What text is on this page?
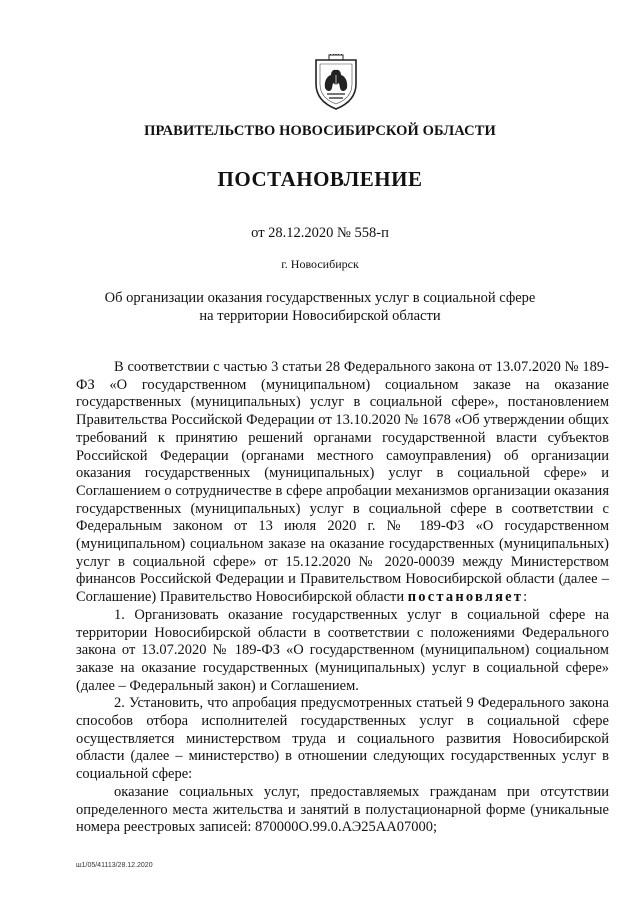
ПРАВИТЕЛЬСТВО НОВОСИБИРСКОЙ ОБЛАСТИ
ПОСТАНОВЛЕНИЕ
от 28.12.2020 № 558-п
г. Новосибирск
Об организации оказания государственных услуг в социальной сфере
на территории Новосибирской области

В соответствии с частью 3 статьи 28 Федерального закона от 13.07.2020 № 189-ФЗ «О государственном (муниципальном) социальном заказе на оказание государственных (муниципальных) услуг в социальной сфере», постановлением Правительства Российской Федерации от 13.10.2020 № 1678 «Об утверждении общих требований к принятию решений органами государственной власти субъектов Российской Федерации (органами местного самоуправления) об организации оказания государственных (муниципальных) услуг в социальной сфере» и Соглашением о сотрудничестве в сфере апробации механизмов организации оказания государственных (муниципальных) услуг в социальной сфере в соответствии с Федеральным законом от 13 июля 2020 г. № 189-ФЗ «О государственном (муниципальном) социальном заказе на оказание государственных (муниципальных) услуг в социальной сфере» от 15.12.2020 № 2020-00039 между Министерством финансов Российской Федерации и Правительством Новосибирской области (далее – Соглашение) Правительство Новосибирской области постановляет:

1. Организовать оказание государственных услуг в социальной сфере на территории Новосибирской области в соответствии с положениями Федерального закона от 13.07.2020 № 189-ФЗ «О государственном (муниципальном) социальном заказе на оказание государственных (муниципальных) услуг в социальной сфере» (далее – Федеральный закон) и Соглашением.

2. Установить, что апробация предусмотренных статьей 9 Федерального закона способов отбора исполнителей государственных услуг в социальной сфере осуществляется министерством труда и социального развития Новосибирской области (далее – министерство) в отношении следующих государственных услуг в социальной сфере:

оказание социальных услуг, предоставляемых гражданам при отсутствии определенного места жительства и занятий в полустационарной форме (уникальные номера реестровых записей: 870000О.99.0.АЭ25АА07000;

ш1/05/41113/28.12.2020
